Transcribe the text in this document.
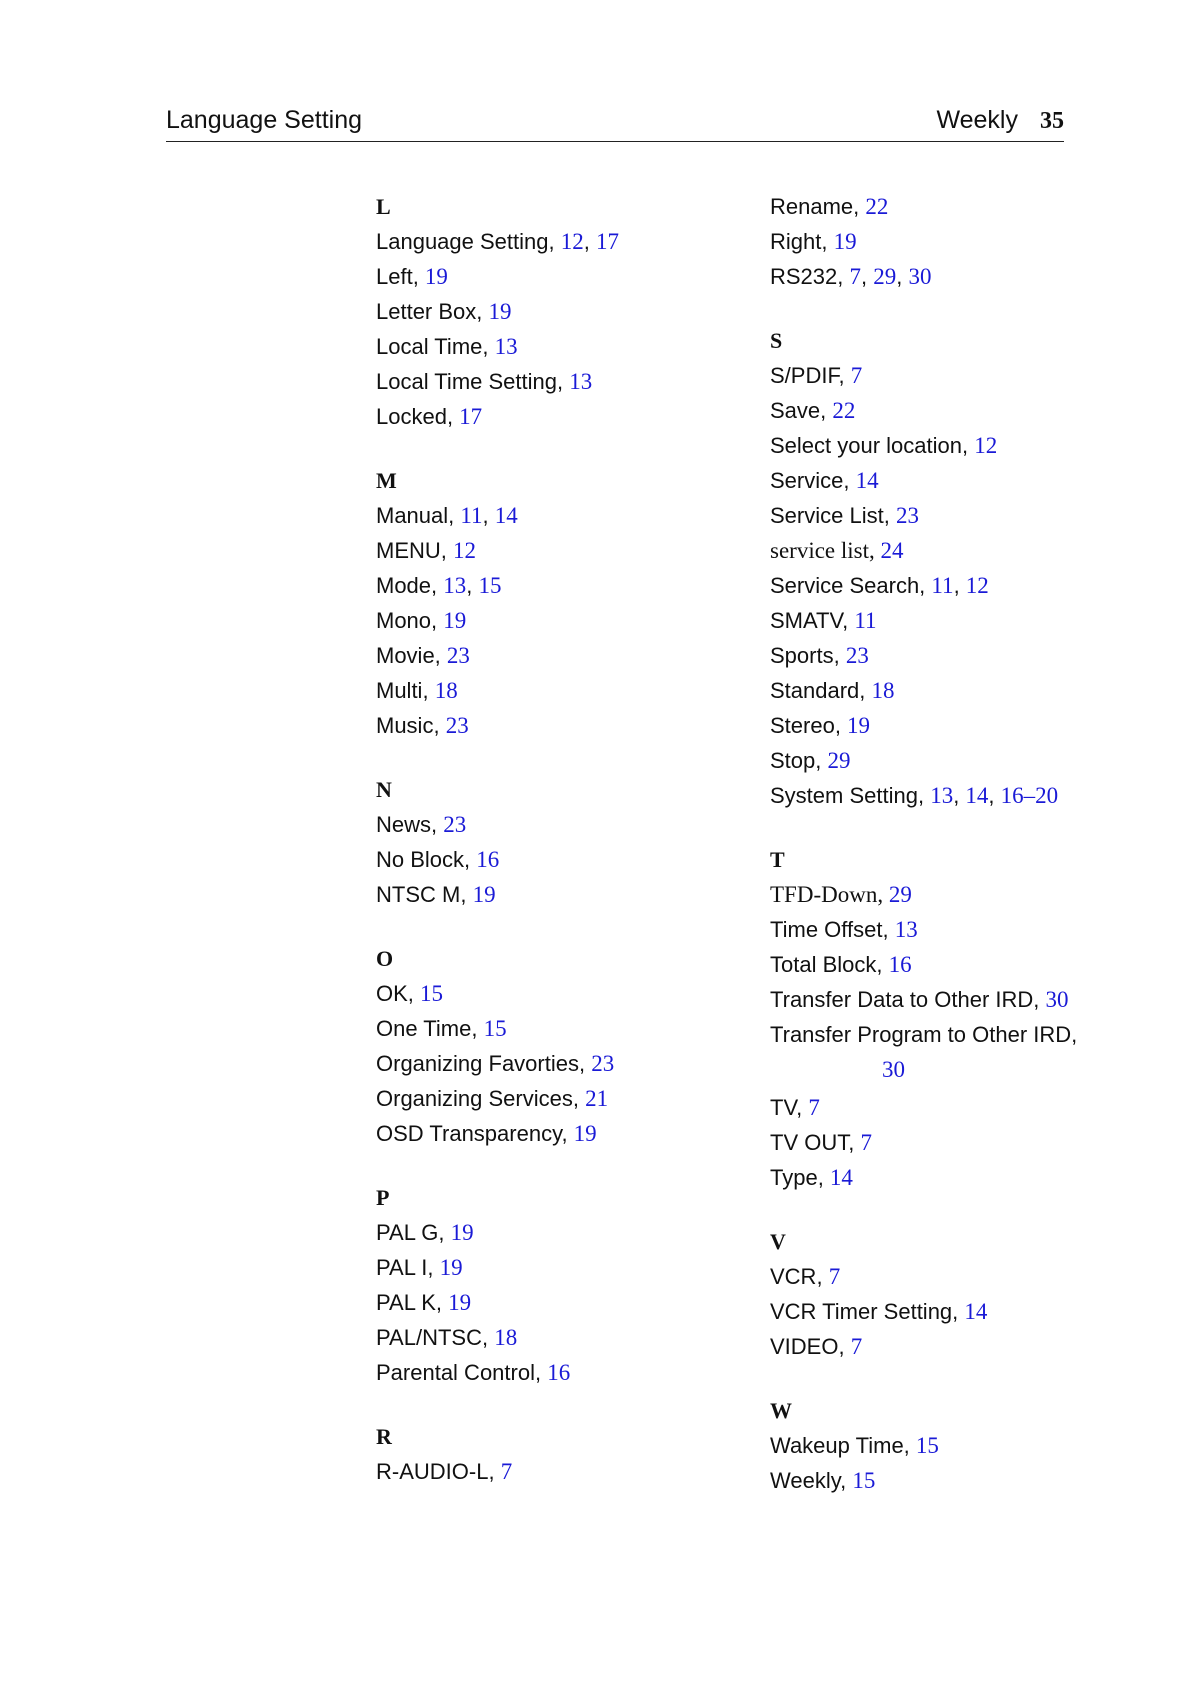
Language Setting	Weekly 35
L
Language Setting, 12, 17
Left, 19
Letter Box, 19
Local Time, 13
Local Time Setting, 13
Locked, 17
M
Manual, 11, 14
MENU, 12
Mode, 13, 15
Mono, 19
Movie, 23
Multi, 18
Music, 23
N
News, 23
No Block, 16
NTSC M, 19
O
OK, 15
One Time, 15
Organizing Favorties, 23
Organizing Services, 21
OSD Transparency, 19
P
PAL G, 19
PAL I, 19
PAL K, 19
PAL/NTSC, 18
Parental Control, 16
R
R-AUDIO-L, 7
Rename, 22
Right, 19
RS232, 7, 29, 30
S
S/PDIF, 7
Save, 22
Select your location, 12
Service, 14
Service List, 23
service list, 24
Service Search, 11, 12
SMATV, 11
Sports, 23
Standard, 18
Stereo, 19
Stop, 29
System Setting, 13, 14, 16–20
T
TFD-Down, 29
Time Offset, 13
Total Block, 16
Transfer Data to Other IRD, 30
Transfer Program to Other IRD,
30
TV, 7
TV OUT, 7
Type, 14
V
VCR, 7
VCR Timer Setting, 14
VIDEO, 7
W
Wakeup Time, 15
Weekly, 15
